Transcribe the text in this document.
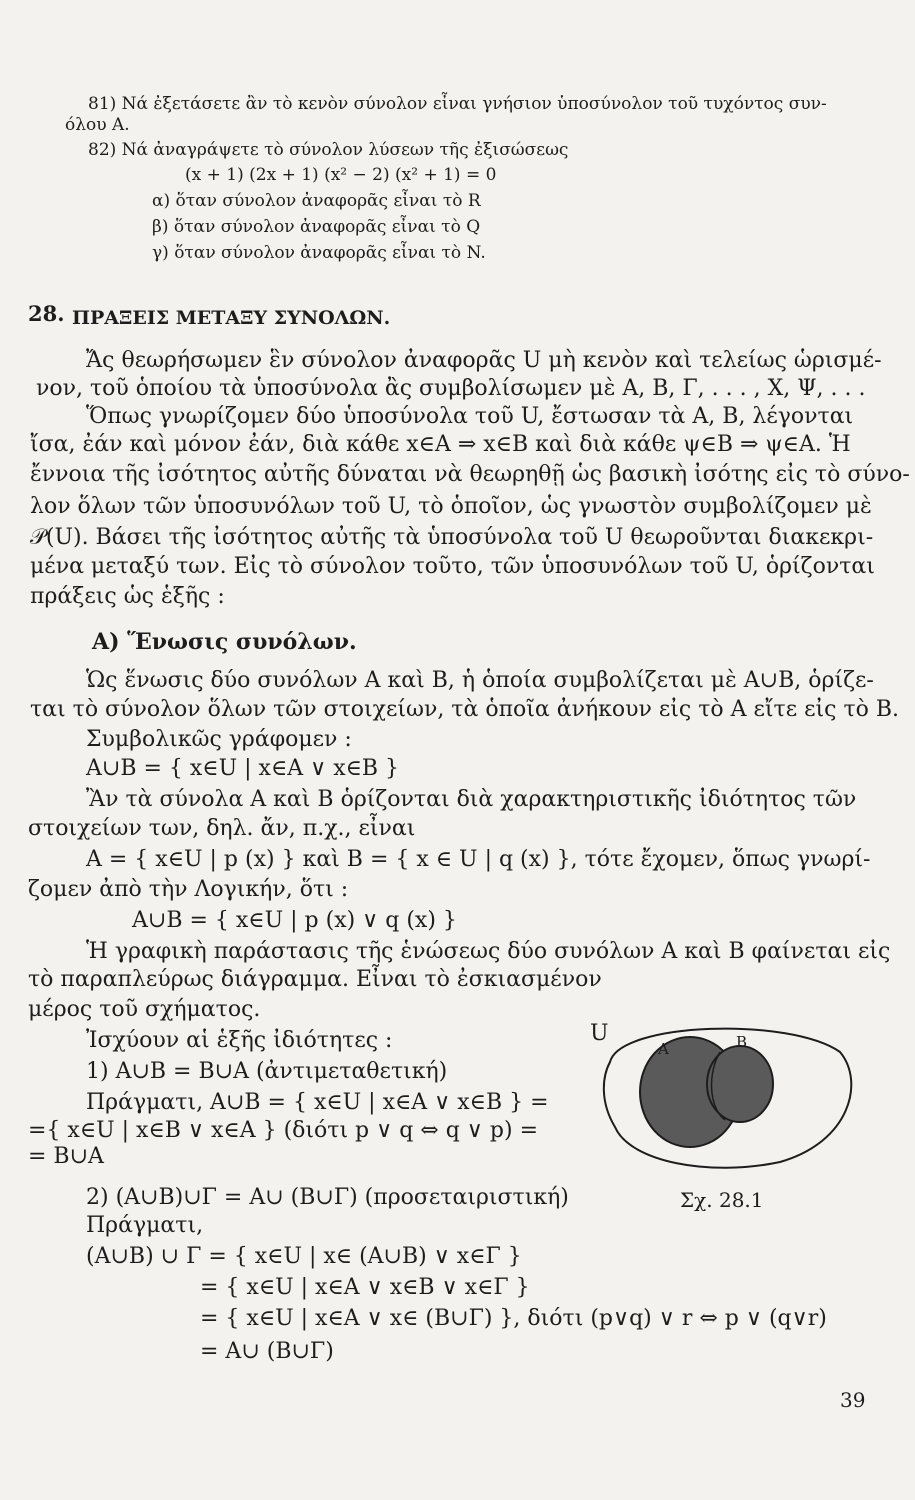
81) Νά ἐξετάσετε ἂν τὸ κενὸν σύνολον εἶναι γνήσιον ὑποσύνολον τοῦ τυχόντος συν-
όλου A.
82) Νά ἀναγράψετε τὸ σύνολον λύσεων τῆς ἐξισώσεως
(x + 1) (2x + 1) (x² − 2) (x² + 1) = 0
α) ὅταν σύνολον ἀναφορᾶς εἶναι τὸ R
β) ὅταν σύνολον ἀναφορᾶς εἶναι τὸ Q
γ) ὅταν σύνολον ἀναφορᾶς εἶναι τὸ N.
28. ΠΡΑΞΕΙΣ ΜΕΤΑΞΥ ΣΥΝΟΛΩΝ.
Ἄς θεωρήσωμεν ἓν σύνολον ἀναφορᾶς U μὴ κενὸν καὶ τελείως ὡρισμέ-
νον, τοῦ ὁποίου τὰ ὑποσύνολα ἂς συμβολίσωμεν μὲ A, B, Γ, . . . , X, Ψ, . . .
Ὅπως γνωρίζομεν δύο ὑποσύνολα τοῦ U, ἔστωσαν τὰ A, B, λέγονται
ἴσα, ἐάν καὶ μόνον ἐάν, διὰ κάθε x∈A ⇒ x∈B καὶ διὰ κάθε ψ∈B ⇒ ψ∈A. Ἡ
ἔννοια τῆς ἰσότητος αὐτῆς δύναται νὰ θεωρηθῇ ὡς βασικὴ ἰσότης εἰς τὸ σύνο-
λον ὅλων τῶν ὑποσυνόλων τοῦ U, τὸ ὁποῖον, ὡς γνωστὸν συμβολίζομεν μὲ
𝒫(U). Βάσει τῆς ἰσότητος αὐτῆς τὰ ὑποσύνολα τοῦ U θεωροῦνται διακεκρι-
μένα μεταξύ των. Εἰς τὸ σύνολον τοῦτο, τῶν ὑποσυνόλων τοῦ U, ὁρίζονται
πράξεις ὡς ἑξῆς :
A) Ἕνωσις συνόλων.
Ὡς ἕνωσις δύο συνόλων A καὶ B, ἡ ὁποία συμβολίζεται μὲ A∪B, ὁρίζε-
ται τὸ σύνολον ὅλων τῶν στοιχείων, τὰ ὁποῖα ἀνήκουν εἰς τὸ A εἴτε εἰς τὸ B.
Συμβολικῶς γράφομεν :
A∪B = { x∈U | x∈A ∨ x∈B }
Ἂν τὰ σύνολα A καὶ B ὁρίζονται διὰ χαρακτηριστικῆς ἰδιότητος τῶν
στοιχείων των, δηλ. ἄν, π.χ., εἶναι
A = { x∈U | p (x) } καὶ B = { x ∈ U | q (x) }, τότε ἔχομεν, ὅπως γνωρί-
ζομεν ἀπὸ τὴν Λογικήν, ὅτι :
A∪B = { x∈U | p (x) ∨ q (x) }
Ἡ γραφικὴ παράστασις τῆς ἑνώσεως δύο συνόλων A καὶ B φαίνεται εἰς
τὸ παραπλεύρως διάγραμμα. Εἶναι τὸ ἐσκιασμένον
μέρος τοῦ σχήματος.
Ἰσχύουν αἱ ἑξῆς ἰδιότητες :
1) A∪B = B∪A (ἀντιμεταθετική)
Πράγματι, A∪B = { x∈U | x∈A ∨ x∈B } =
={ x∈U | x∈B ∨ x∈A } (διότι p ∨ q ⇔ q ∨ p) =
= B∪A
2) (A∪B)∪Γ = A∪ (B∪Γ) (προσεταιριστική)
Πράγματι,
(A∪B) ∪ Γ = { x∈U | x∈ (A∪B) ∨ x∈Γ }
= { x∈U | x∈A ∨ x∈B ∨ x∈Γ }
= { x∈U | x∈A ∨ x∈ (B∪Γ) }, διότι (p∨q) ∨ r ⇔ p ∨ (q∨r)
= A∪ (B∪Γ)
U
A	B
Σχ. 28.1
39
